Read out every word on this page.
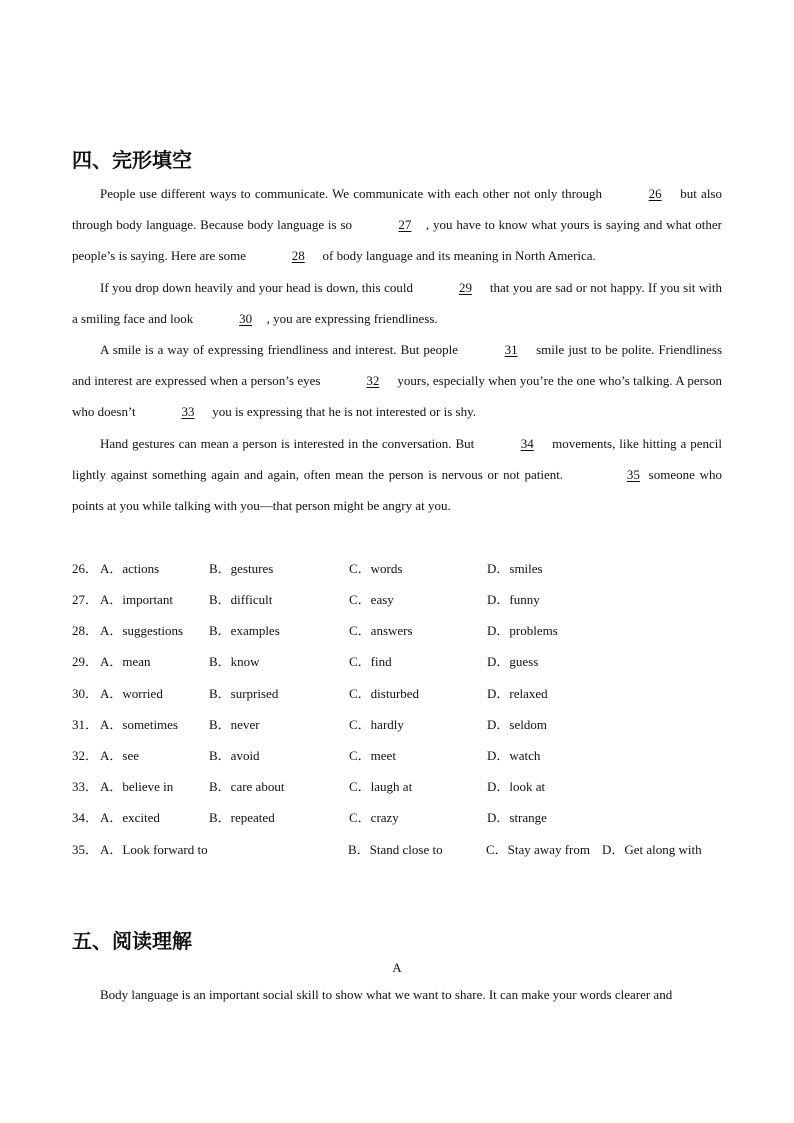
四、完形填空
People use different ways to communicate. We communicate with each other not only through	26 but also through body language. Because body language is so	27 , you have to know what yours is saying and what other people’s is saying. Here are some	28 of body language and its meaning in North America.
If you drop down heavily and your head is down, this could	29 that you are sad or not happy. If you sit with a smiling face and look	30 , you are expressing friendliness.
A smile is a way of expressing friendliness and interest. But people	31 smile just to be polite. Friendliness and interest are expressed when a person’s eyes	32 yours, especially when you’re the one who’s talking. A person who doesn’t	33 you is expressing that he is not interested or is shy.
Hand gestures can mean a person is interested in the conversation. But	34 movements, like hitting a pencil lightly against something again and again, often mean the person is nervous or not patient.	35 someone who points at you while talking with you—that person might be angry at you.
26． A．actions	B．gestures	C．words	D．smiles
27． A．important	B．difficult	C．easy	D．funny
28． A．suggestions B．examples	C．answers	D．problems
29． A．mean	B．know	C．find	D．guess
30． A．worried	B．surprised	C．disturbed	D．relaxed
31． A．sometimes B．never	C．hardly	D．seldom
32． A．see	B．avoid	C．meet	D．watch
33． A．believe in	B．care about	C．laugh at	D．look at
34． A．excited	B．repeated	C．crazy	D．strange
35． A．Look forward to	B．Stand close to	C．Stay away from D．Get along with
五、阅读理解
A
Body language is an important social skill to show what we want to share. It can make your words clearer and
